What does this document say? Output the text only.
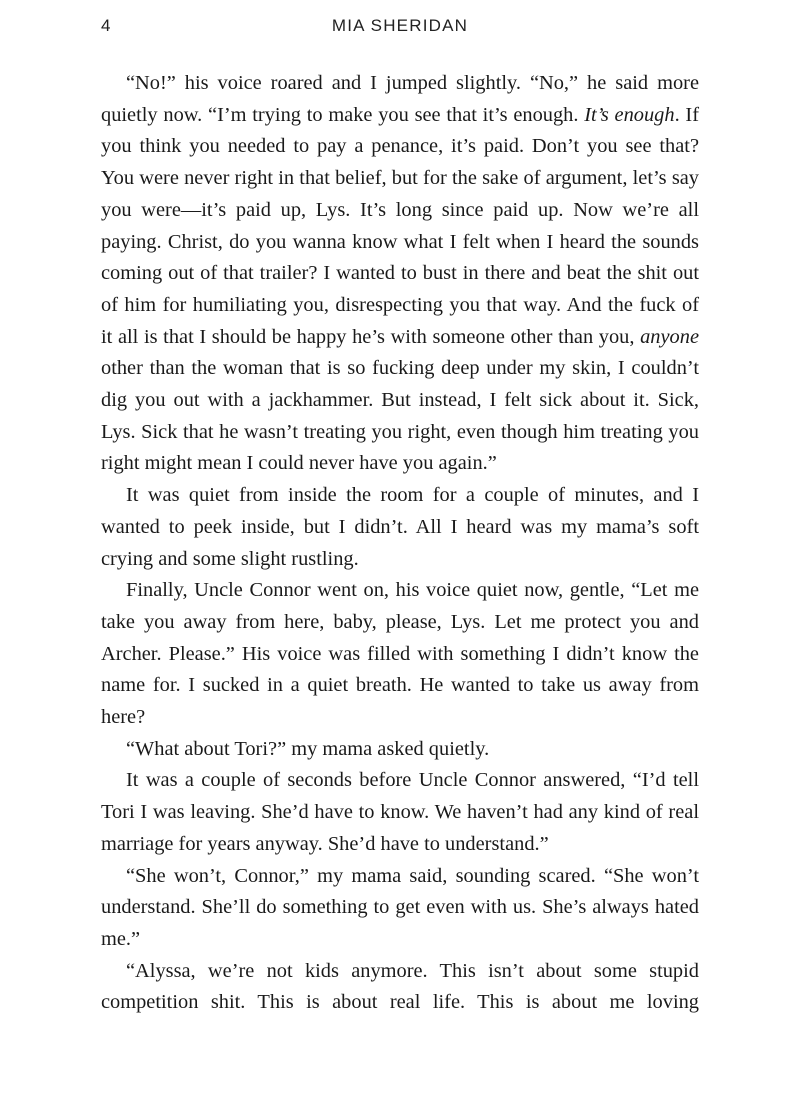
4	MIA SHERIDAN

“No!” his voice roared and I jumped slightly. “No,” he said more quietly now. “I’m trying to make you see that it’s enough. It’s enough. If you think you needed to pay a penance, it’s paid. Don’t you see that? You were never right in that belief, but for the sake of argument, let’s say you were—it’s paid up, Lys. It’s long since paid up. Now we’re all paying. Christ, do you wanna know what I felt when I heard the sounds coming out of that trailer? I wanted to bust in there and beat the shit out of him for humiliating you, disrespecting you that way. And the fuck of it all is that I should be happy he’s with someone other than you, anyone other than the woman that is so fucking deep under my skin, I couldn’t dig you out with a jackhammer. But instead, I felt sick about it. Sick, Lys. Sick that he wasn’t treating you right, even though him treating you right might mean I could never have you again.”

It was quiet from inside the room for a couple of minutes, and I wanted to peek inside, but I didn’t. All I heard was my mama’s soft crying and some slight rustling.

Finally, Uncle Connor went on, his voice quiet now, gentle, “Let me take you away from here, baby, please, Lys. Let me protect you and Archer. Please.” His voice was filled with something I didn’t know the name for. I sucked in a quiet breath. He wanted to take us away from here?

“What about Tori?” my mama asked quietly.

It was a couple of seconds before Uncle Connor answered, “I’d tell Tori I was leaving. She’d have to know. We haven’t had any kind of real marriage for years anyway. She’d have to understand.”

“She won’t, Connor,” my mama said, sounding scared. “She won’t understand. She’ll do something to get even with us. She’s always hated me.”

“Alyssa, we’re not kids anymore. This isn’t about some stupid competition shit. This is about real life. This is about me loving
